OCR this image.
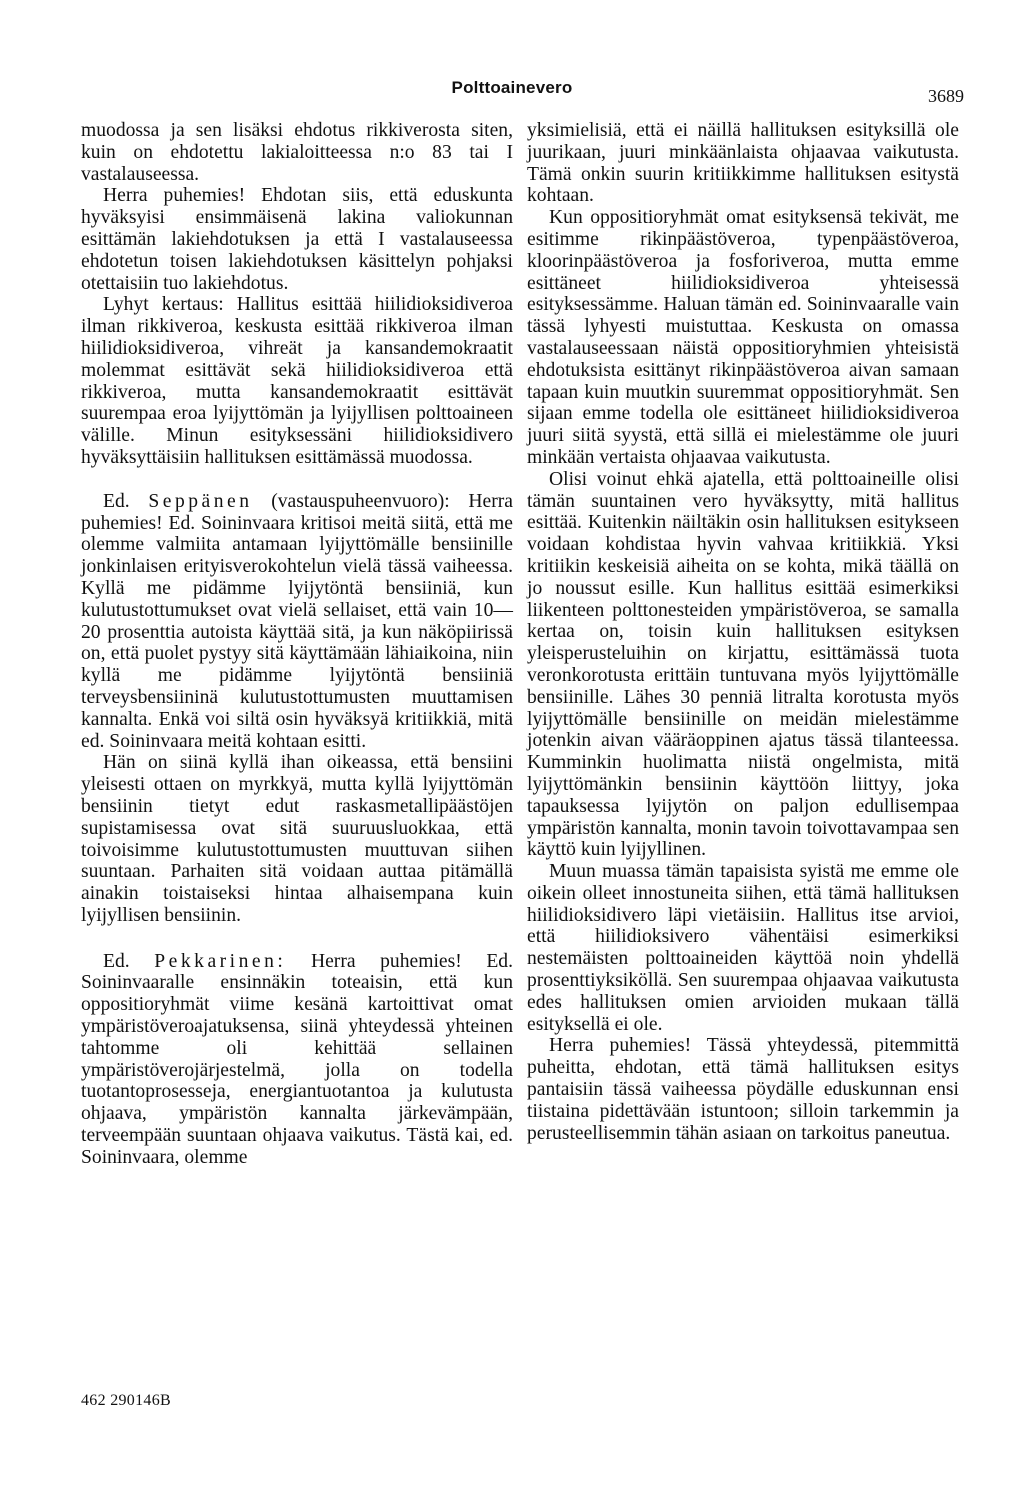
Polttoainevero	3689

muodossa ja sen lisäksi ehdotus rikkiverosta siten, kuin on ehdotettu lakialoitteessa n:o 83 tai I vastalauseessa.

Herra puhemies! Ehdotan siis, että eduskunta hyväksyisi ensimmäisenä lakina valiokunnan esittämän lakiehdotuksen ja että I vastalauseessa ehdotetun toisen lakiehdotuksen käsittelyn pohjaksi otettaisiin tuo lakiehdotus.

Lyhyt kertaus: Hallitus esittää hiilidioksidiveroa ilman rikkiveroa, keskusta esittää rikkiveroa ilman hiilidioksidiveroa, vihreät ja kansandemokraatit molemmat esittävät sekä hiilidioksidiveroa että rikkiveroa, mutta kansandemokraatit esittävät suurempaa eroa lyijyttömän ja lyijyllisen polttoaineen välille. Minun esityksessäni hiilidioksidivero hyväksyttäisiin hallituksen esittämässä muodossa.

Ed. Seppänen (vastauspuheenvuoro): Herra puhemies! Ed. Soininvaara kritisoi meitä siitä, että me olemme valmiita antamaan lyijyttömälle bensiinille jonkinlaisen erityisverokohtelun vielä tässä vaiheessa. Kyllä me pidämme lyijytöntä bensiiniä, kun kulutustottumukset ovat vielä sellaiset, että vain 10—20 prosenttia autoista käyttää sitä, ja kun näköpiirissä on, että puolet pystyy sitä käyttämään lähiaikoina, niin kyllä me pidämme lyijytöntä bensiiniä terveysbensiininä kulutustottumusten muuttamisen kannalta. Enkä voi siltä osin hyväksyä kritiikkiä, mitä ed. Soininvaara meitä kohtaan esitti.

Hän on siinä kyllä ihan oikeassa, että bensiini yleisesti ottaen on myrkkyä, mutta kyllä lyijyttömän bensiinin tietyt edut raskasmetallipäästöjen supistamisessa ovat sitä suuruusluokkaa, että toivoisimme kulutustottumusten muuttuvan siihen suuntaan. Parhaiten sitä voidaan auttaa pitämällä ainakin toistaiseksi hintaa alhaisempana kuin lyijyllisen bensiinin.

Ed. Pekkarinen: Herra puhemies! Ed. Soininvaaralle ensinnäkin toteaisin, että kun oppositioryhmät viime kesänä kartoittivat omat ympäristöveroajatuksensa, siinä yhteydessä yhteinen tahtomme oli kehittää sellainen ympäristöverojärjestelmä, jolla on todella tuotantoprosesseja, energiantuotantoa ja kulutusta ohjaava, ympäristön kannalta järkevämpään, terveempään suuntaan ohjaava vaikutus. Tästä kai, ed. Soininvaara, olemme

yksimielisiä, että ei näillä hallituksen esityksillä ole juurikaan, juuri minkäänlaista ohjaavaa vaikutusta. Tämä onkin suurin kritiikkimme hallituksen esitystä kohtaan.

Kun oppositioryhmät omat esityksensä tekivät, me esitimme rikinpäästöveroa, typenpäästöveroa, kloorinpäästöveroa ja fosforiveroa, mutta emme esittäneet hiilidioksidiveroa yhteisessä esityksessämme. Haluan tämän ed. Soininvaaralle vain tässä lyhyesti muistuttaa. Keskusta on omassa vastalauseessaan näistä oppositioryhmien yhteisistä ehdotuksista esittänyt rikinpäästöveroa aivan samaan tapaan kuin muutkin suuremmat oppositioryhmät. Sen sijaan emme todella ole esittäneet hiilidioksidiveroa juuri siitä syystä, että sillä ei mielestämme ole juuri minkään vertaista ohjaavaa vaikutusta.

Olisi voinut ehkä ajatella, että polttoaineille olisi tämän suuntainen vero hyväksytty, mitä hallitus esittää. Kuitenkin näiltäkin osin hallituksen esitykseen voidaan kohdistaa hyvin vahvaa kritiikkiä. Yksi kritiikin keskeisiä aiheita on se kohta, mikä täällä on jo noussut esille. Kun hallitus esittää esimerkiksi liikenteen polttonesteiden ympäristöveroa, se samalla kertaa on, toisin kuin hallituksen esityksen yleisperusteluihin on kirjattu, esittämässä tuota veronkorotusta erittäin tuntuvana myös lyijyttömälle bensiinille. Lähes 30 penniä litralta korotusta myös lyijyttömälle bensiinille on meidän mielestämme jotenkin aivan vääräoppinen ajatus tässä tilanteessa. Kumminkin huolimatta niistä ongelmista, mitä lyijyttömänkin bensiinin käyttöön liittyy, joka tapauksessa lyijytön on paljon edullisempaa ympäristön kannalta, monin tavoin toivottavampaa sen käyttö kuin lyijyllinen.

Muun muassa tämän tapaisista syistä me emme ole oikein olleet innostuneita siihen, että tämä hallituksen hiilidioksidivero läpi vietäisiin. Hallitus itse arvioi, että hiilidioksivero vähentäisi esimerkiksi nestemäisten polttoaineiden käyttöä noin yhdellä prosenttiyksiköllä. Sen suurempaa ohjaavaa vaikutusta edes hallituksen omien arvioiden mukaan tällä esityksellä ei ole.

Herra puhemies! Tässä yhteydessä, pitemmittä puheitta, ehdotan, että tämä hallituksen esitys pantaisiin tässä vaiheessa pöydälle eduskunnan ensi tiistaina pidettävään istuntoon; silloin tarkemmin ja perusteellisemmin tähän asiaan on tarkoitus paneutua.

462 290146B
